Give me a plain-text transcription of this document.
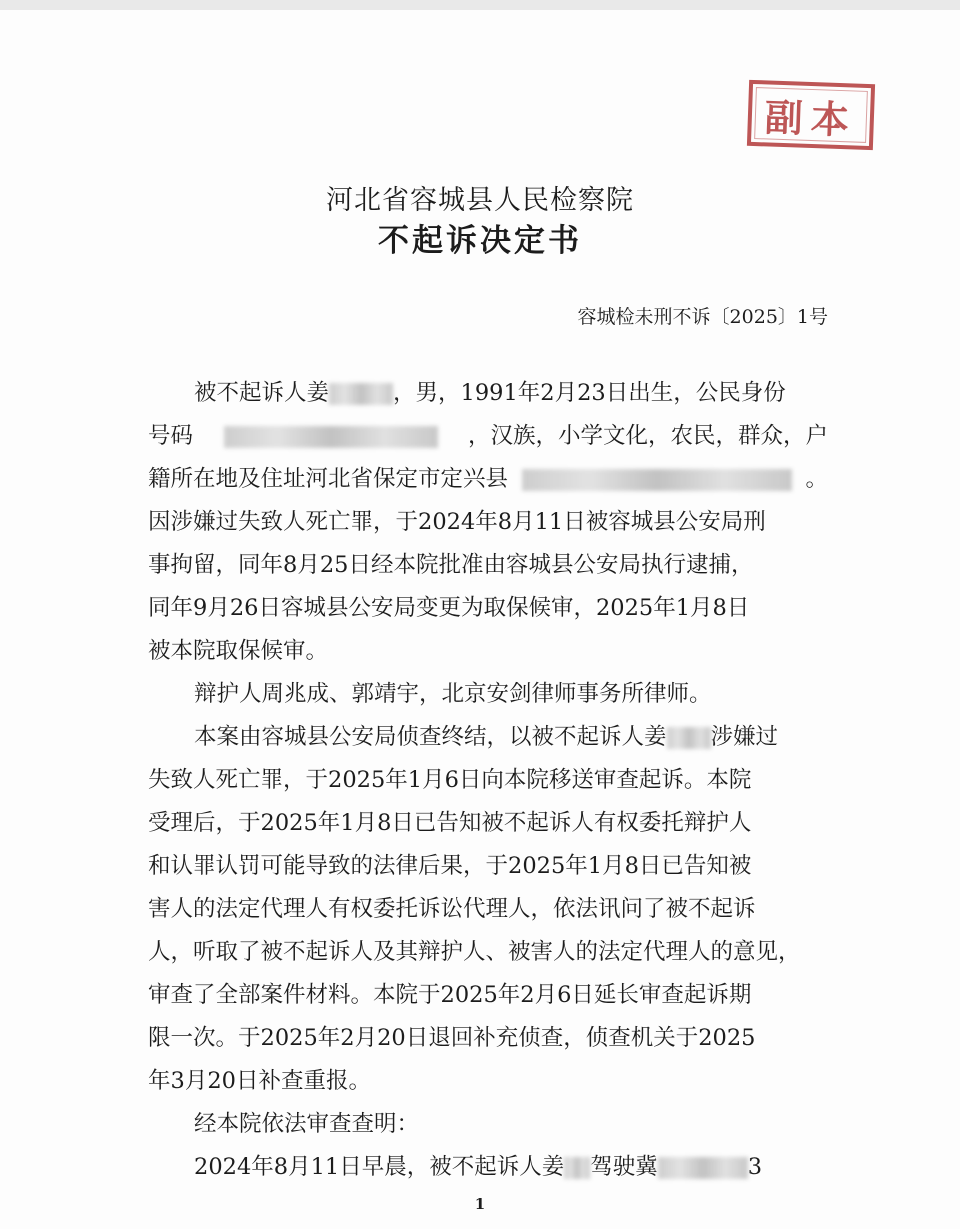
副本
河北省容城县人民检察院
不起诉决定书
容城检未刑不诉〔2025〕1号
被不起诉人姜	，男，1991年2月23日出生，公民身份
号码	，汉族，小学文化，农民，群众，户
籍所在地及住址河北省保定市定兴县	。
因涉嫌过失致人死亡罪，于2024年8月11日被容城县公安局刑
事拘留，同年8月25日经本院批准由容城县公安局执行逮捕，
同年9月26日容城县公安局变更为取保候审，2025年1月8日
被本院取保候审。
辩护人周兆成、郭靖宇，北京安剑律师事务所律师。
本案由容城县公安局侦查终结，以被不起诉人姜 涉嫌过
失致人死亡罪，于2025年1月6日向本院移送审查起诉。本院
受理后，于2025年1月8日已告知被不起诉人有权委托辩护人
和认罪认罚可能导致的法律后果，于2025年1月8日已告知被
害人的法定代理人有权委托诉讼代理人，依法讯问了被不起诉
人，听取了被不起诉人及其辩护人、被害人的法定代理人的意见，
审查了全部案件材料。本院于2025年2月6日延长审查起诉期
限一次。于2025年2月20日退回补充侦查，侦查机关于2025
年3月20日补查重报。
经本院依法审查查明：
2024年8月11日早晨，被不起诉人姜 驾驶冀	3
1
